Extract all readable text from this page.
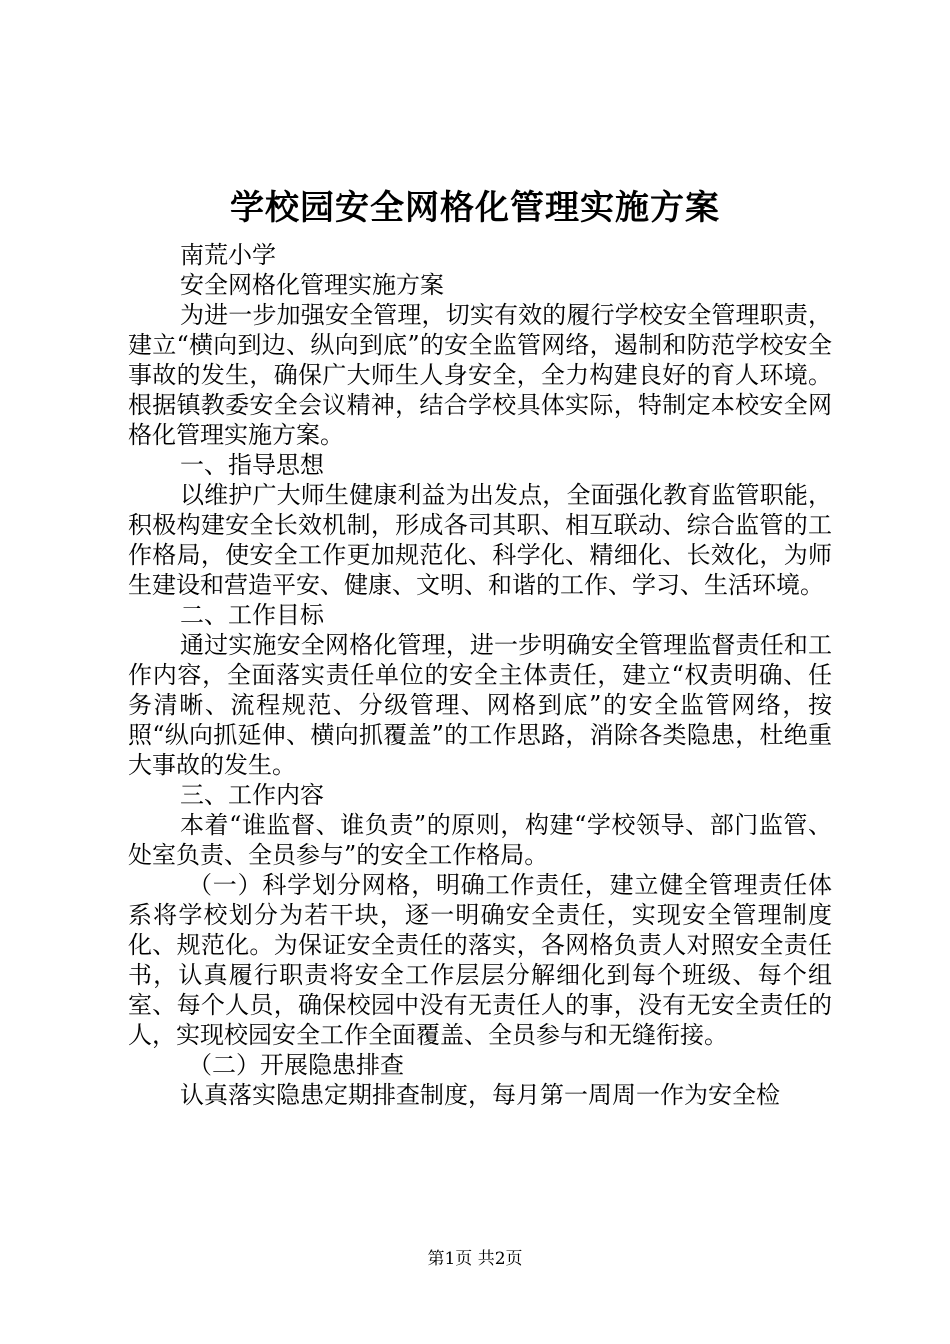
学校园安全网格化管理实施方案

南荒小学

安全网格化管理实施方案

为进一步加强安全管理，切实有效的履行学校安全管理职责，建立“横向到边、纵向到底”的安全监管网络，遏制和防范学校安全事故的发生，确保广大师生人身安全，全力构建良好的育人环境。根据镇教委安全会议精神，结合学校具体实际，特制定本校安全网格化管理实施方案。

一、指导思想

以维护广大师生健康利益为出发点，全面强化教育监管职能，积极构建安全长效机制，形成各司其职、相互联动、综合监管的工作格局，使安全工作更加规范化、科学化、精细化、长效化，为师生建设和营造平安、健康、文明、和谐的工作、学习、生活环境。

二、工作目标

通过实施安全网格化管理，进一步明确安全管理监督责任和工作内容，全面落实责任单位的安全主体责任，建立“权责明确、任务清晰、流程规范、分级管理、网格到底”的安全监管网络，按照“纵向抓延伸、横向抓覆盖”的工作思路，消除各类隐患，杜绝重大事故的发生。

三、工作内容

本着“谁监督、谁负责”的原则，构建“学校领导、部门监管、处室负责、全员参与”的安全工作格局。

（一）科学划分网格，明确工作责任，建立健全管理责任体系将学校划分为若干块，逐一明确安全责任，实现安全管理制度化、规范化。为保证安全责任的落实，各网格负责人对照安全责任书，认真履行职责将安全工作层层分解细化到每个班级、每个组室、每个人员，确保校园中没有无责任人的事，没有无安全责任的人，实现校园安全工作全面覆盖、全员参与和无缝衔接。

（二）开展隐患排查

认真落实隐患定期排查制度，每月第一周周一作为安全检

第1页 共2页
